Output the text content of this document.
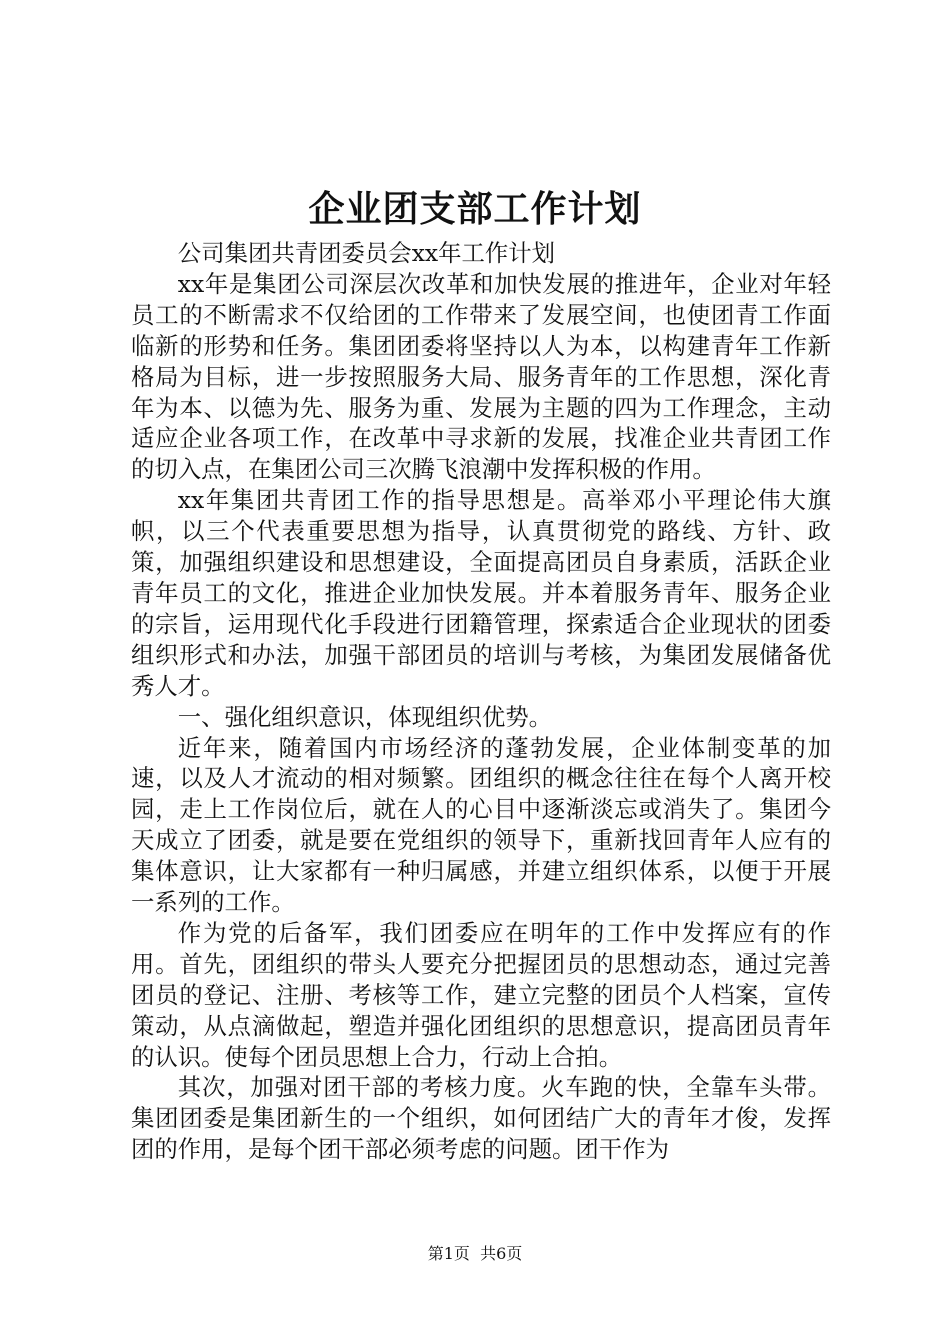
企业团支部工作计划

公司集团共青团委员会xx年工作计划

xx年是集团公司深层次改革和加快发展的推进年，企业对年轻员工的不断需求不仅给团的工作带来了发展空间，也使团青工作面临新的形势和任务。集团团委将坚持以人为本，以构建青年工作新格局为目标，进一步按照服务大局、服务青年的工作思想，深化青年为本、以德为先、服务为重、发展为主题的四为工作理念，主动适应企业各项工作，在改革中寻求新的发展，找准企业共青团工作的切入点，在集团公司三次腾飞浪潮中发挥积极的作用。

xx年集团共青团工作的指导思想是。高举邓小平理论伟大旗帜，以三个代表重要思想为指导，认真贯彻党的路线、方针、政策，加强组织建设和思想建设，全面提高团员自身素质，活跃企业青年员工的文化，推进企业加快发展。并本着服务青年、服务企业的宗旨，运用现代化手段进行团籍管理，探索适合企业现状的团委组织形式和办法，加强干部团员的培训与考核，为集团发展储备优秀人才。

一、强化组织意识，体现组织优势。

近年来，随着国内市场经济的蓬勃发展，企业体制变革的加速，以及人才流动的相对频繁。团组织的概念往往在每个人离开校园，走上工作岗位后，就在人的心目中逐渐淡忘或消失了。集团今天成立了团委，就是要在党组织的领导下，重新找回青年人应有的集体意识，让大家都有一种归属感，并建立组织体系，以便于开展一系列的工作。

作为党的后备军，我们团委应在明年的工作中发挥应有的作用。首先，团组织的带头人要充分把握团员的思想动态，通过完善团员的登记、注册、考核等工作，建立完整的团员个人档案，宣传策动，从点滴做起，塑造并强化团组织的思想意识，提高团员青年的认识。使每个团员思想上合力，行动上合拍。

其次，加强对团干部的考核力度。火车跑的快，全靠车头带。集团团委是集团新生的一个组织，如何团结广大的青年才俊，发挥团的作用，是每个团干部必须考虑的问题。团干作为

第1页 共6页
